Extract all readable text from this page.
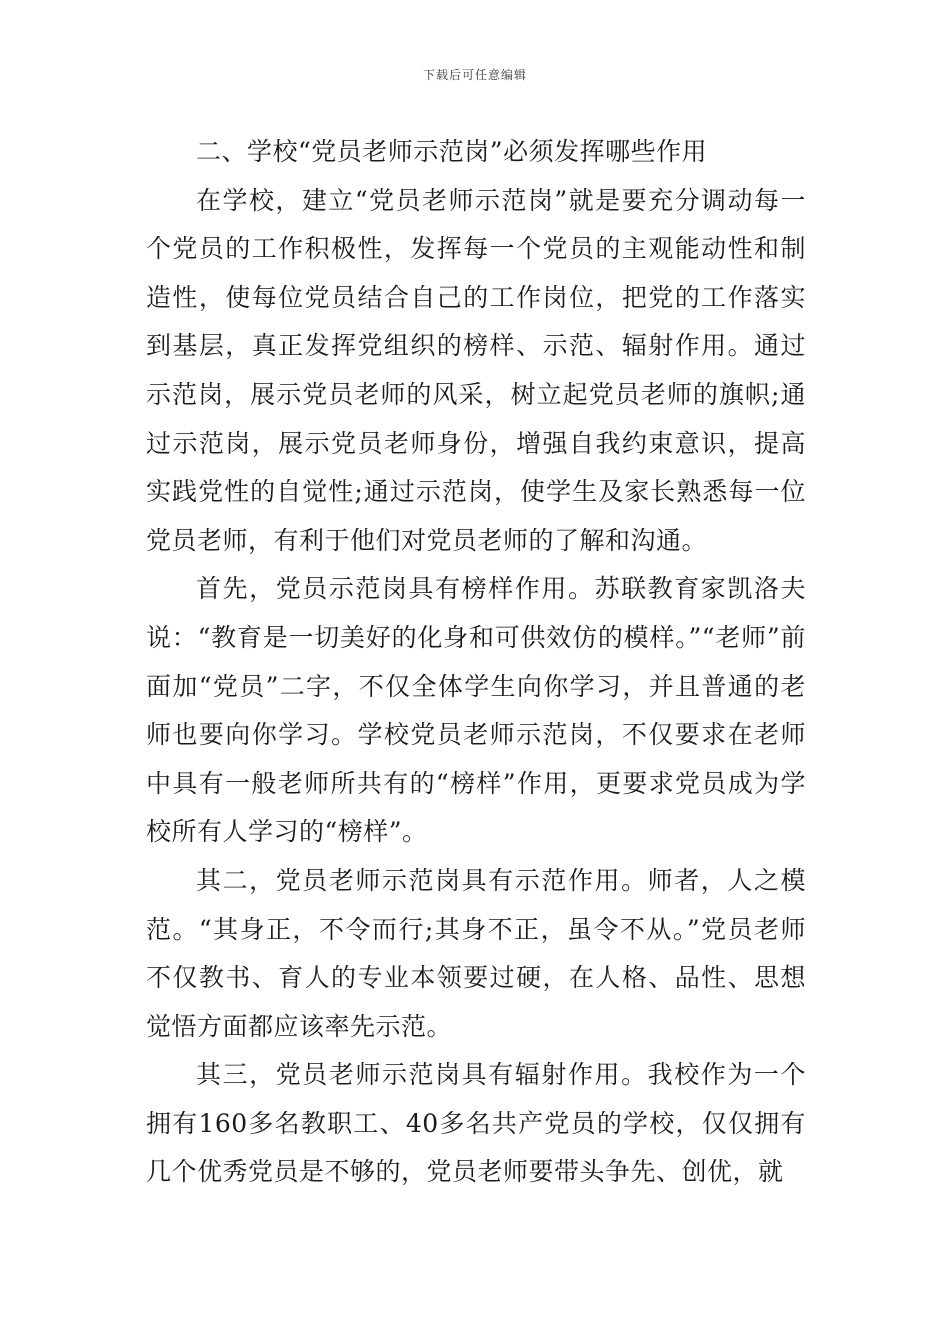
下载后可任意编辑

二、学校“党员老师示范岗”必须发挥哪些作用

在学校，建立“党员老师示范岗”就是要充分调动每一个党员的工作积极性，发挥每一个党员的主观能动性和制造性，使每位党员结合自己的工作岗位，把党的工作落实到基层，真正发挥党组织的榜样、示范、辐射作用。通过示范岗，展示党员老师的风采，树立起党员老师的旗帜;通过示范岗，展示党员老师身份，增强自我约束意识，提高实践党性的自觉性;通过示范岗，使学生及家长熟悉每一位党员老师，有利于他们对党员老师的了解和沟通。

首先，党员示范岗具有榜样作用。苏联教育家凯洛夫说：“教育是一切美好的化身和可供效仿的模样。”“老师”前面加“党员”二字，不仅全体学生向你学习，并且普通的老师也要向你学习。学校党员老师示范岗，不仅要求在老师中具有一般老师所共有的“榜样”作用，更要求党员成为学校所有人学习的“榜样”。

其二，党员老师示范岗具有示范作用。师者，人之模范。“其身正，不令而行;其身不正，虽令不从。”党员老师不仅教书、育人的专业本领要过硬，在人格、品性、思想觉悟方面都应该率先示范。

其三，党员老师示范岗具有辐射作用。我校作为一个拥有160多名教职工、40多名共产党员的学校，仅仅拥有几个优秀党员是不够的，党员老师要带头争先、创优，就
